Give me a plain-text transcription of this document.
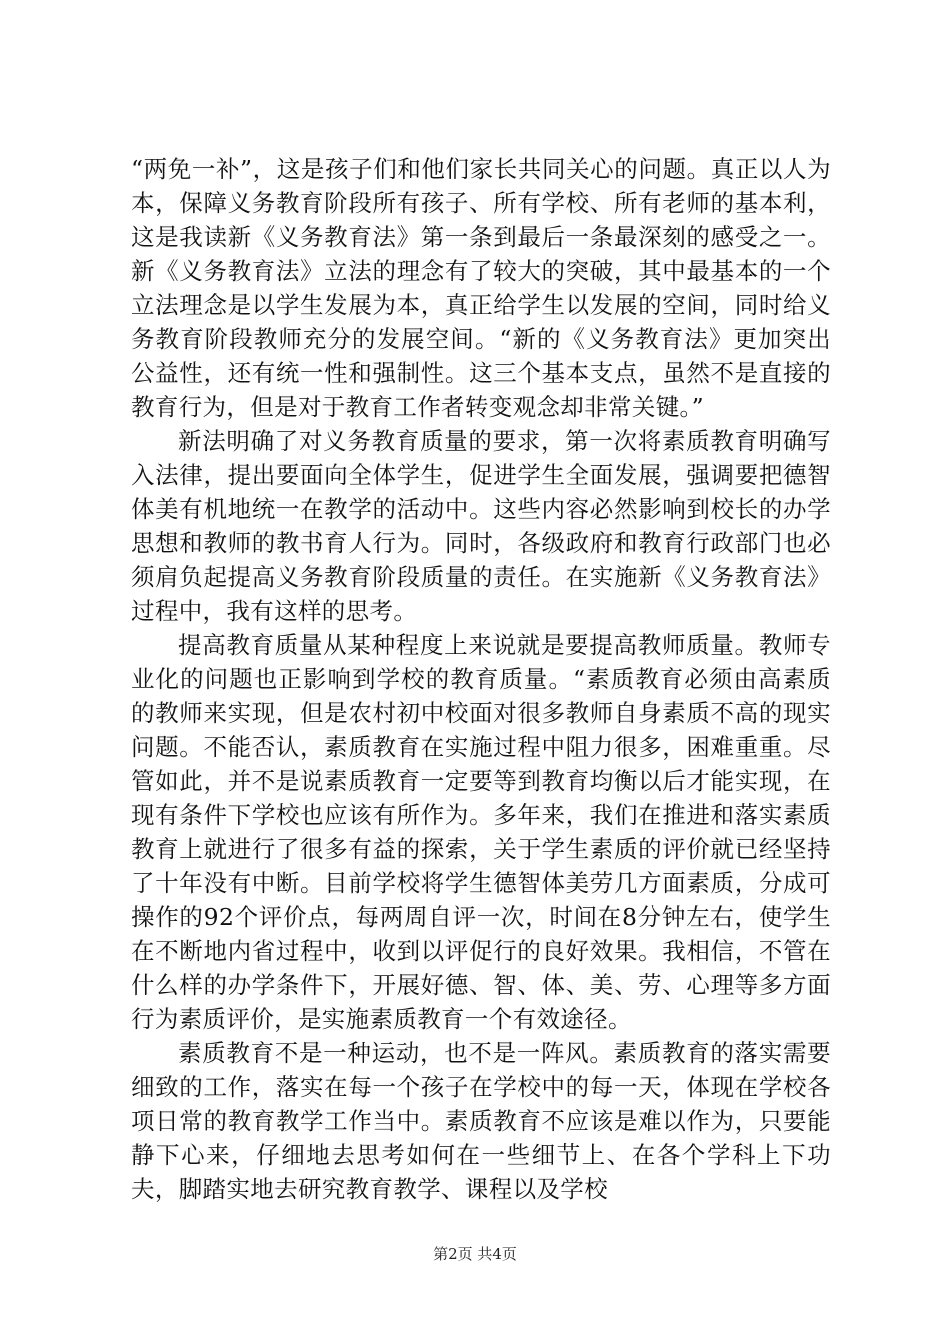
“两免一补”，这是孩子们和他们家长共同关心的问题。真正以人为本，保障义务教育阶段所有孩子、所有学校、所有老师的基本利，这是我读新《义务教育法》第一条到最后一条最深刻的感受之一。新《义务教育法》立法的理念有了较大的突破，其中最基本的一个立法理念是以学生发展为本，真正给学生以发展的空间，同时给义务教育阶段教师充分的发展空间。“新的《义务教育法》更加突出公益性，还有统一性和强制性。这三个基本支点，虽然不是直接的教育行为，但是对于教育工作者转变观念却非常关键。”

新法明确了对义务教育质量的要求，第一次将素质教育明确写入法律，提出要面向全体学生，促进学生全面发展，强调要把德智体美有机地统一在教学的活动中。这些内容必然影响到校长的办学思想和教师的教书育人行为。同时，各级政府和教育行政部门也必须肩负起提高义务教育阶段质量的责任。在实施新《义务教育法》过程中，我有这样的思考。

提高教育质量从某种程度上来说就是要提高教师质量。教师专业化的问题也正影响到学校的教育质量。“素质教育必须由高素质的教师来实现，但是农村初中校面对很多教师自身素质不高的现实问题。不能否认，素质教育在实施过程中阻力很多，困难重重。尽管如此，并不是说素质教育一定要等到教育均衡以后才能实现，在现有条件下学校也应该有所作为。多年来，我们在推进和落实素质教育上就进行了很多有益的探索，关于学生素质的评价就已经坚持了十年没有中断。目前学校将学生德智体美劳几方面素质，分成可操作的92个评价点，每两周自评一次，时间在8分钟左右，使学生在不断地内省过程中，收到以评促行的良好效果。我相信，不管在什么样的办学条件下，开展好德、智、体、美、劳、心理等多方面行为素质评价，是实施素质教育一个有效途径。

素质教育不是一种运动，也不是一阵风。素质教育的落实需要细致的工作，落实在每一个孩子在学校中的每一天，体现在学校各项日常的教育教学工作当中。素质教育不应该是难以作为，只要能静下心来，仔细地去思考如何在一些细节上、在各个学科上下功夫，脚踏实地去研究教育教学、课程以及学校

第2页 共4页
